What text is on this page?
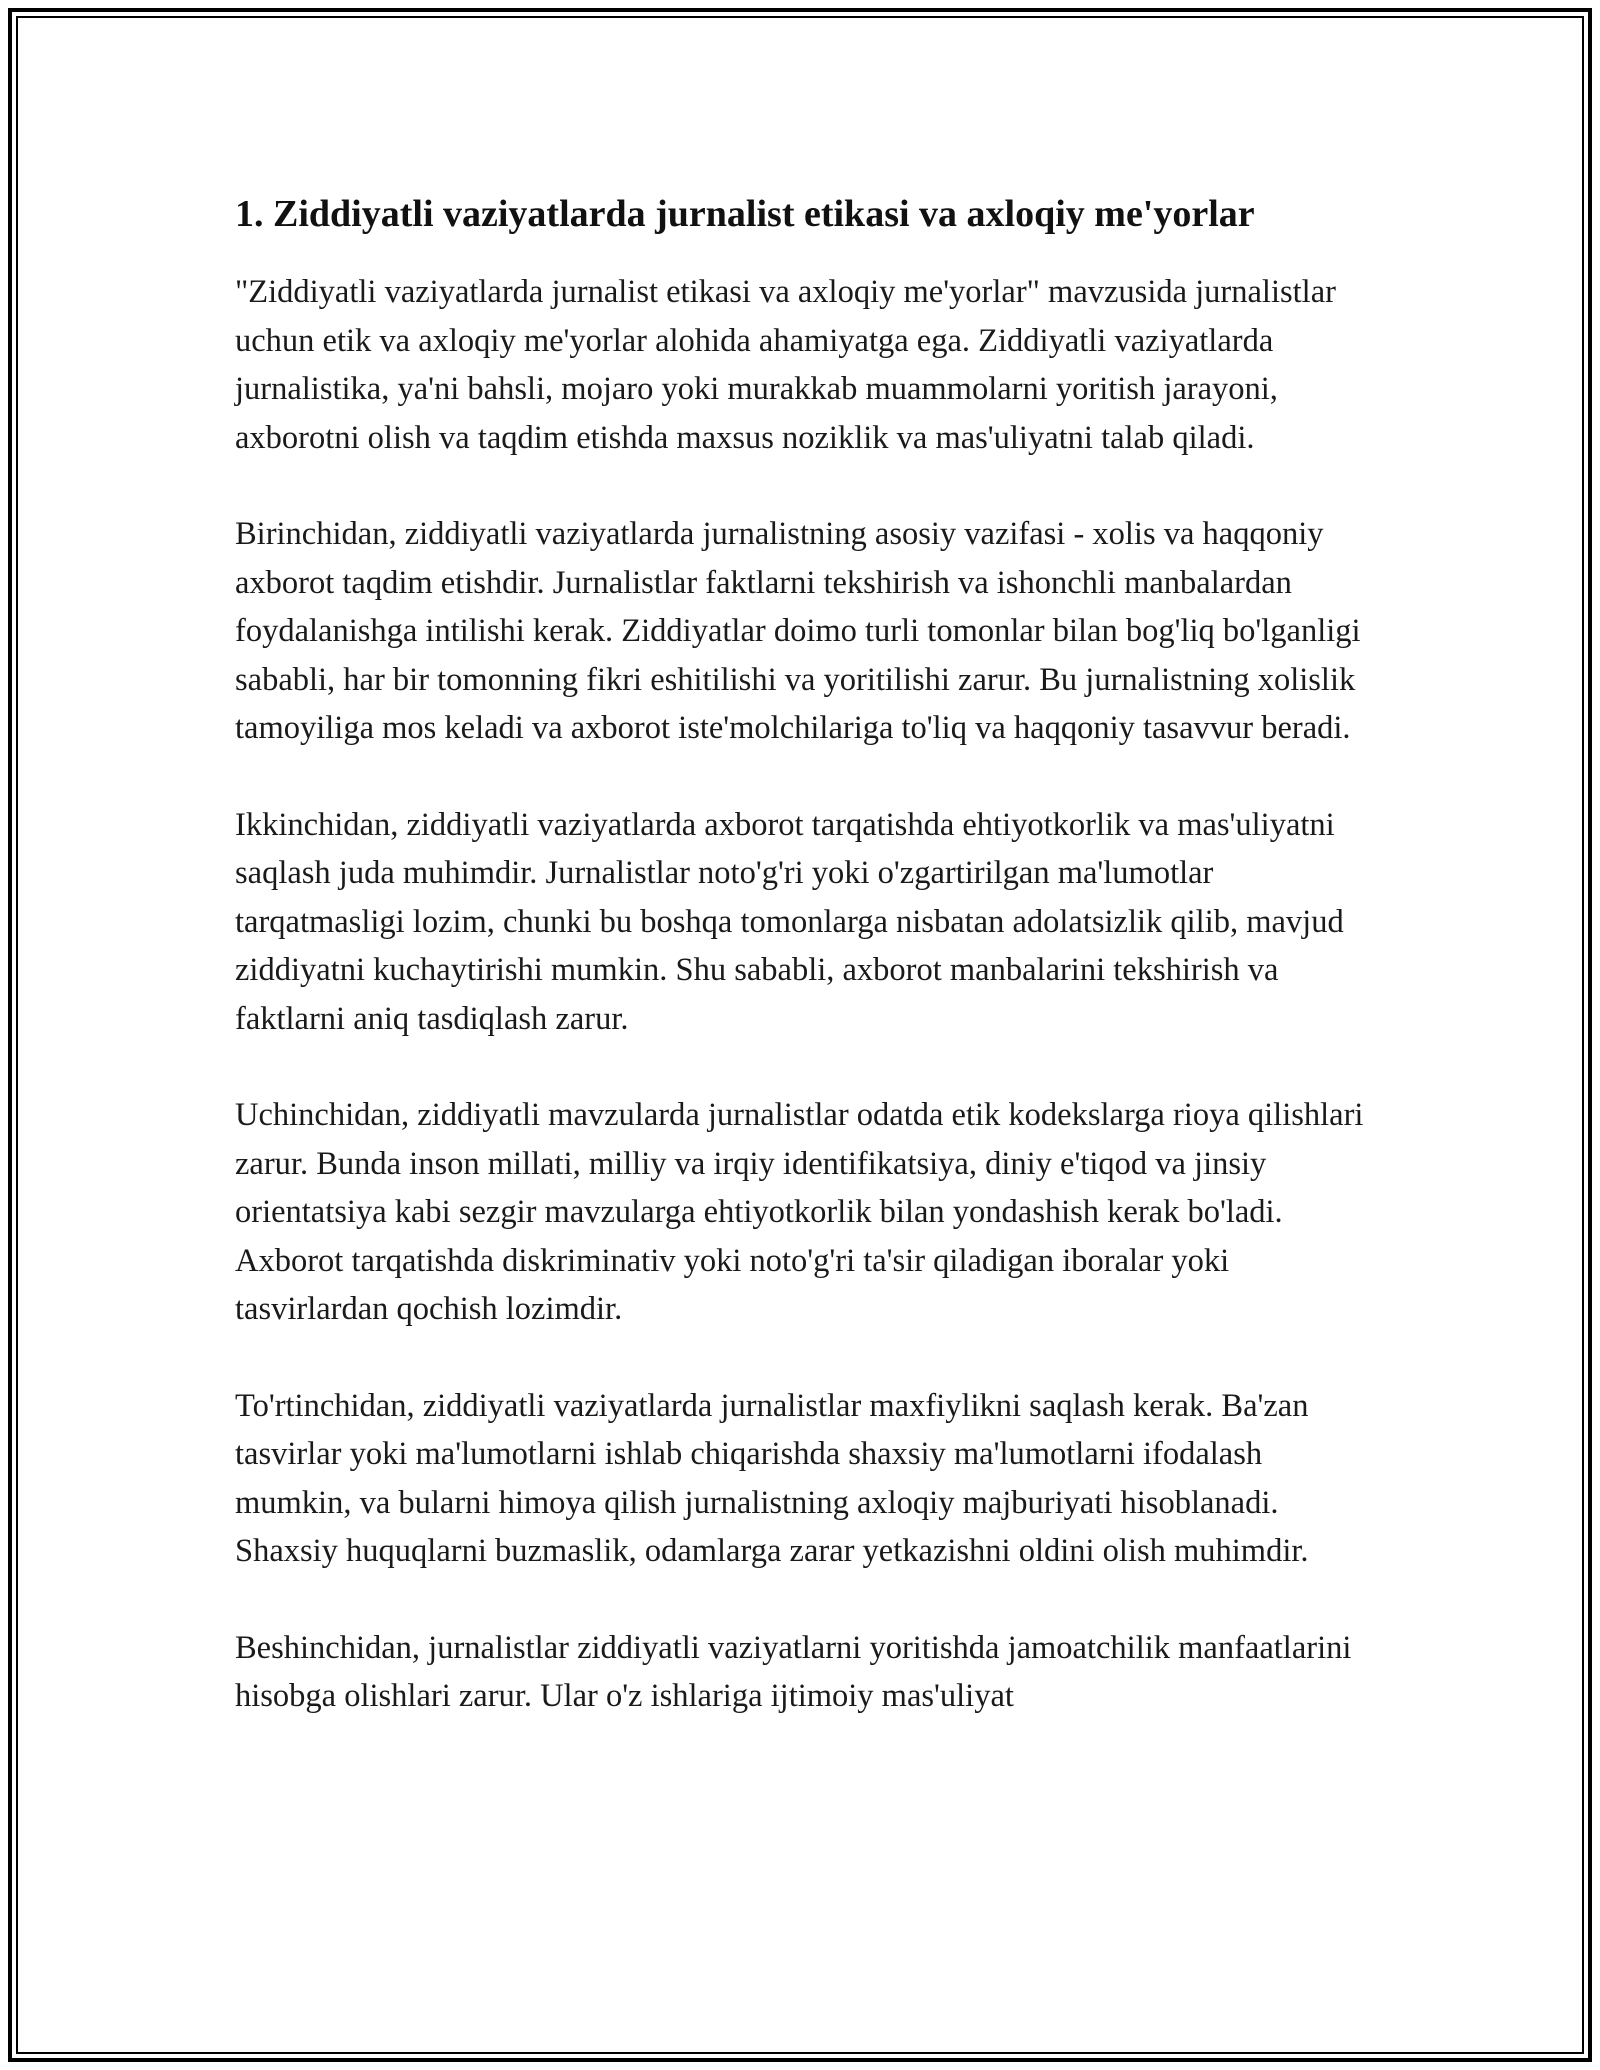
1. Ziddiyatli vaziyatlarda jurnalist etikasi va axloqiy me'yorlar

"Ziddiyatli vaziyatlarda jurnalist etikasi va axloqiy me'yorlar" mavzusida jurnalistlar uchun etik va axloqiy me'yorlar alohida ahamiyatga ega. Ziddiyatli vaziyatlarda jurnalistika, ya'ni bahsli, mojaro yoki murakkab muammolarni yoritish jarayoni, axborotni olish va taqdim etishda maxsus noziklik va mas'uliyatni talab qiladi.

Birinchidan, ziddiyatli vaziyatlarda jurnalistning asosiy vazifasi - xolis va haqqoniy axborot taqdim etishdir. Jurnalistlar faktlarni tekshirish va ishonchli manbalardan foydalanishga intilishi kerak. Ziddiyatlar doimo turli tomonlar bilan bog'liq bo'lganligi sababli, har bir tomonning fikri eshitilishi va yoritilishi zarur. Bu jurnalistning xolislik tamoyiliga mos keladi va axborot iste'molchilariga to'liq va haqqoniy tasavvur beradi.

Ikkinchidan, ziddiyatli vaziyatlarda axborot tarqatishda ehtiyotkorlik va mas'uliyatni saqlash juda muhimdir. Jurnalistlar noto'g'ri yoki o'zgartirilgan ma'lumotlar tarqatmasligi lozim, chunki bu boshqa tomonlarga nisbatan adolatsizlik qilib, mavjud ziddiyatni kuchaytirishi mumkin. Shu sababli, axborot manbalarini tekshirish va faktlarni aniq tasdiqlash zarur.

Uchinchidan, ziddiyatli mavzularda jurnalistlar odatda etik kodekslarga rioya qilishlari zarur. Bunda inson millati, milliy va irqiy identifikatsiya, diniy e'tiqod va jinsiy orientatsiya kabi sezgir mavzularga ehtiyotkorlik bilan yondashish kerak bo'ladi. Axborot tarqatishda diskriminativ yoki noto'g'ri ta'sir qiladigan iboralar yoki tasvirlardan qochish lozimdir.

To'rtinchidan, ziddiyatli vaziyatlarda jurnalistlar maxfiylikni saqlash kerak. Ba'zan tasvirlar yoki ma'lumotlarni ishlab chiqarishda shaxsiy ma'lumotlarni ifodalash mumkin, va bularni himoya qilish jurnalistning axloqiy majburiyati hisoblanadi. Shaxsiy huquqlarni buzmaslik, odamlarga zarar yetkazishni oldini olish muhimdir.

Beshinchidan, jurnalistlar ziddiyatli vaziyatlarni yoritishda jamoatchilik manfaatlarini hisobga olishlari zarur. Ular o'z ishlariga ijtimoiy mas'uliyat
